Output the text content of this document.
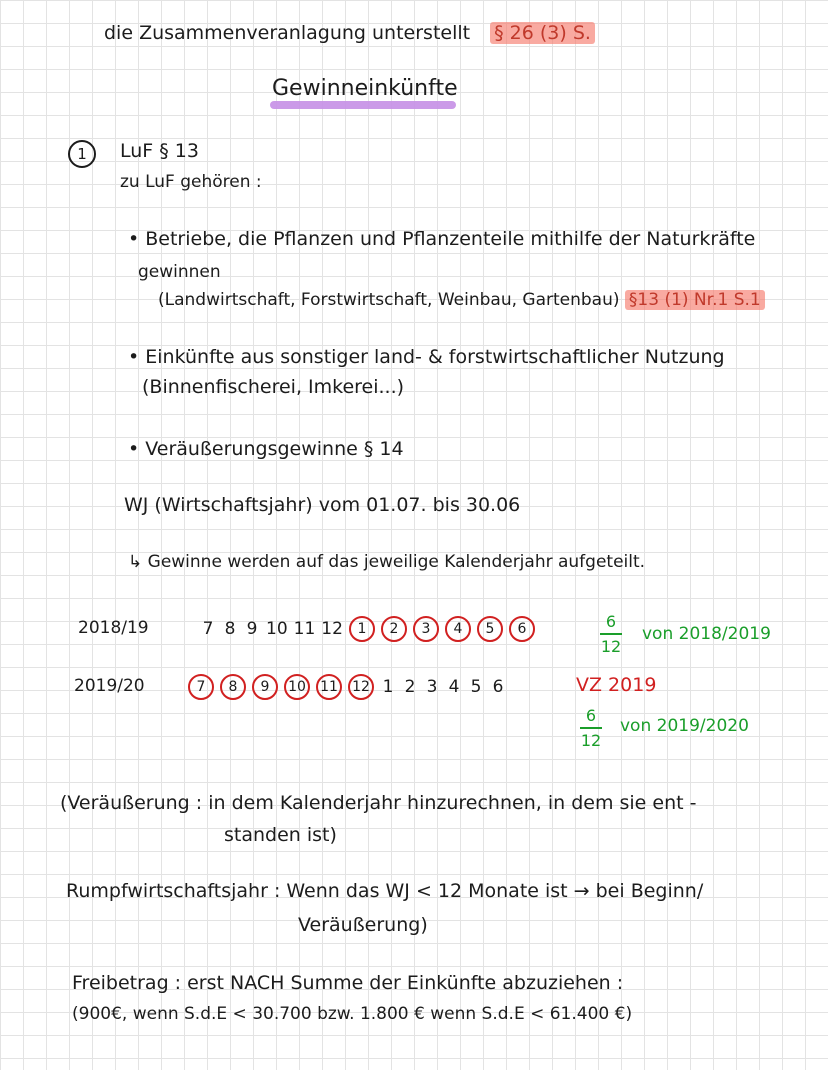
die Zusammenveranlagung unterstellt § 26 (3) S.
Gewinneinkünfte
1	LuF § 13
zu LuF gehören :
• Betriebe, die Pflanzen und Pflanzenteile mithilfe der Naturkräfte
gewinnen
(Landwirtschaft, Forstwirtschaft, Weinbau, Gartenbau) §13 (1) Nr.1 S.1
• Einkünfte aus sonstiger land- & forstwirtschaftlicher Nutzung
(Binnenfischerei, Imkerei...)
• Veräußerungsgewinne § 14
WJ (Wirtschaftsjahr) vom 01.07. bis 30.06
↳ Gewinne werden auf das jeweilige Kalenderjahr aufgeteilt.
2018/19	7 8 9 10 11 12	1	2	3	4	5	6	6
12
von 2018/2019
2019/20	7	8	9	10 11 12 1 2 3 4 5 6	VZ 2019
6
12
von 2019/2020
(Veräußerung : in dem Kalenderjahr hinzurechnen, in dem sie ent -
standen ist)
Rumpfwirtschaftsjahr : Wenn das WJ < 12 Monate ist → bei Beginn/
Veräußerung)
Freibetrag : erst NACH Summe der Einkünfte abzuziehen :
(900€, wenn S.d.E < 30.700 bzw. 1.800 € wenn S.d.E < 61.400 €)
